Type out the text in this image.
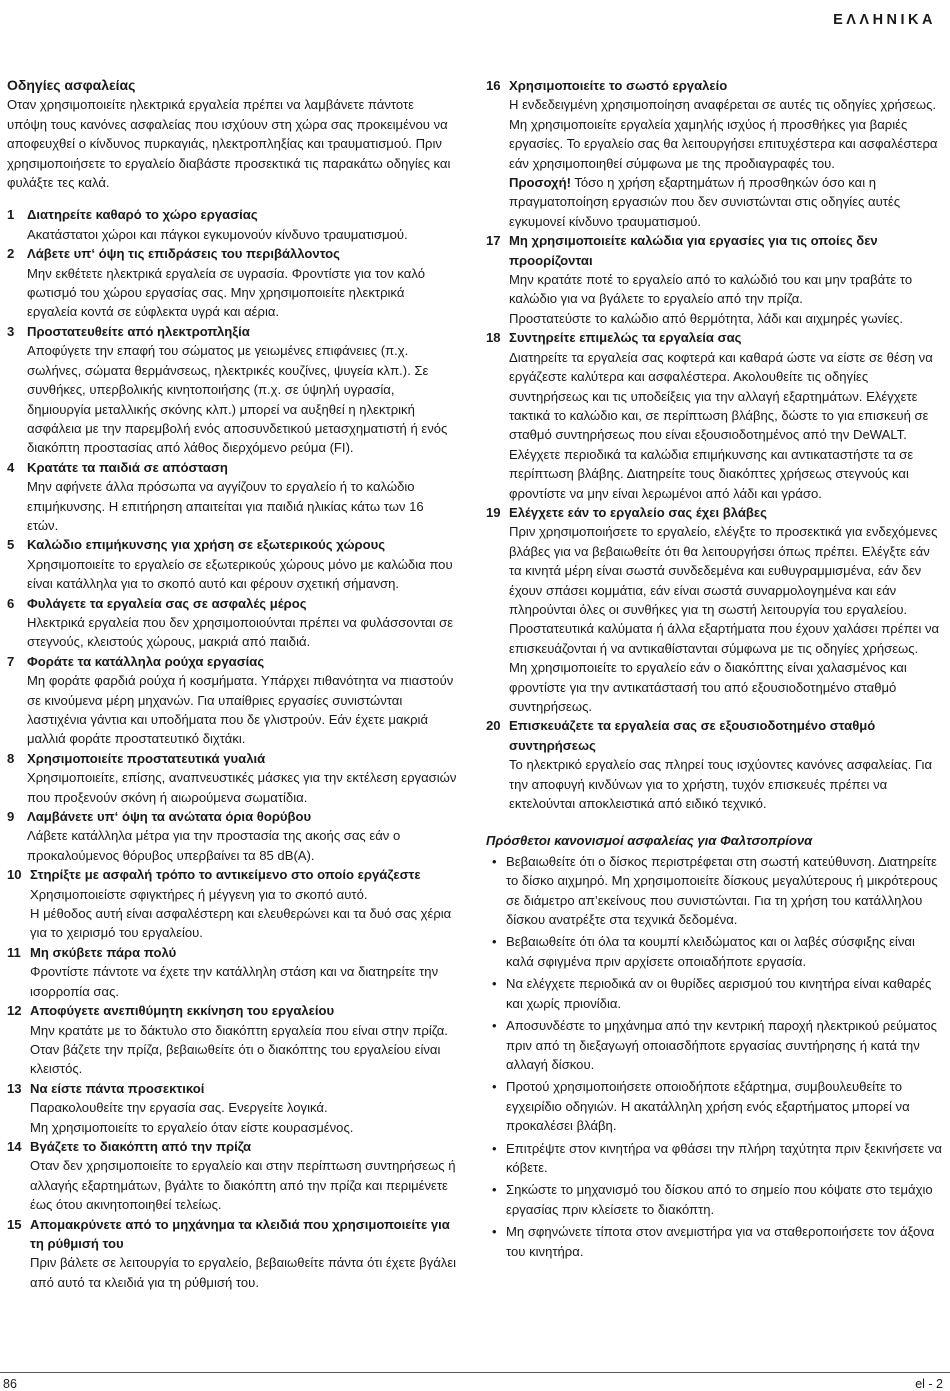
ΕΛΛΗΝΙΚΑ
Οδηγίες ασφαλείας

Οταν χρησιμοποιείτε ηλεκτρικά εργαλεία πρέπει να λαμβάνετε πάντοτε υπόψη τους κανόνες ασφαλείας που ισχύουν στη χώρα σας προκειμένου να αποφευχθεί ο κίνδυνος πυρκαγιάς, ηλεκτροπληξίας και τραυματισμού. Πριν χρησιμοποιήσετε το εργαλείο διαβάστε προσεκτικά τις παρακάτω οδηγίες και φυλάξτε τες καλά.

1 Διατηρείτε καθαρό το χώρο εργασίας

Ακατάστατοι χώροι και πάγκοι εγκυμονούν κίνδυνο τραυματισμού.

2 Λάβετε υπ‘ όψη τις επιδράσεις του περιβάλλοντος

Μην εκθέτετε ηλεκτρικά εργαλεία σε υγρασία. Φροντίστε για τον καλό φωτισμό του χώρου εργασίας σας. Μην χρησιμοποιείτε ηλεκτρικά εργαλεία κοντά σε εύφλεκτα υγρά και αέρια.

3 Προστατευθείτε από ηλεκτροπληξία

Αποφύγετε την επαφή του σώματος με γειωμένες επιφάνειες (π.χ. σωλήνες, σώματα θερμάνσεως, ηλεκτρικές κουζίνες, ψυγεία κλπ.). Σε συνθήκες, υπερβολικής κινητοποιήσης (π.χ. σε ύψηλή υγρασία, δημιουργία μεταλλικής σκόνης κλπ.) μπορεί να αυξηθεί η ηλεκτρική ασφάλεια με την παρεμβολή ενός αποσυνδετικού μετασχηματιστή ή ενός διακόπτη προστασίας από λάθος διερχόμενο ρεύμα (FI).

4 Κρατάτε τα παιδιά σε απόσταση

Μην αφήνετε άλλα πρόσωπα να αγγίζουν το εργαλείο ή το καλώδιο επιμήκυνσης. Η επιτήρηση απαιτείται για παιδιά ηλικίας κάτω των 16 ετών.

5 Καλώδιο επιμήκυνσης για χρήση σε εξωτερικούς χώρους

Χρησιμοποιείτε το εργαλείο σε εξωτερικούς χώρους μόνο με καλώδια που είναι κατάλληλα για το σκοπό αυτό και φέρουν σχετική σήμανση.

6 Φυλάγετε τα εργαλεία σας σε ασφαλές μέρος

Ηλεκτρικά εργαλεία που δεν χρησιμοποιούνται πρέπει να φυλάσσονται σε στεγνούς, κλειστούς χώρους, μακριά από παιδιά.

7 Φοράτε τα κατάλληλα ρούχα εργασίας

Μη φοράτε φαρδιά ρούχα ή κοσμήματα. Υπάρχει πιθανότητα να πιαστούν σε κινούμενα μέρη μηχανών. Για υπαίθριες εργασίες συνιστώνται λαστιχένια γάντια και υποδήματα που δε γλιστρούν. Εάν έχετε μακριά μαλλιά φοράτε προστατευτικό διχτάκι.

8 Χρησιμοποιείτε προστατευτικά γυαλιά

Χρησιμοποιείτε, επίσης, αναπνευστικές μάσκες για την εκτέλεση εργασιών που προξενούν σκόνη ή αιωρούμενα σωματίδια.

9 Λαμβάνετε υπ‘ όψη τα ανώτατα όρια θορύβου

Λάβετε κατάλληλα μέτρα για την προστασία της ακοής σας εάν ο προκαλούμενος θόρυβος υπερβαίνει τα 85 dB(A).

10 Στηρίξτε με ασφαλή τρόπο το αντικείμενο στο οποίο εργάζεστε

Χρησιμοποιείστε σφιγκτήρες ή μέγγενη για το σκοπό αυτό.

Η μέθοδος αυτή είναι ασφαλέστερη και ελευθερώνει και τα δυό σας χέρια για το χειρισμό του εργαλείου.

11 Μη σκύβετε πάρα πολύ

Φροντίστε πάντοτε να έχετε την κατάλληλη στάση και να διατηρείτε την ισορροπία σας.

12 Αποφύγετε ανεπιθύμητη εκκίνηση του εργαλείου

Μην κρατάτε με το δάκτυλο στο διακόπτη εργαλεία που είναι στην πρίζα. Οταν βάζετε την πρίζα, βεβαιωθείτε ότι ο διακόπτης του εργαλείου είναι κλειστός.

13 Να είστε πάντα προσεκτικοί

Παρακολουθείτε την εργασία σας. Ενεργείτε λογικά.

Μη χρησιμοποιείτε το εργαλείο όταν είστε κουρασμένος.

14 Βγάζετε το διακόπτη από την πρίζα

Οταν δεν χρησιμοποιείτε το εργαλείο και στην περίπτωση συντηρήσεως ή αλλαγής εξαρτημάτων, βγάλτε το διακόπτη από την πρίζα και περιμένετε έως ότου ακινητοποιηθεί τελείως.

15 Απομακρύνετε από το μηχάνημα τα κλειδιά που χρησιμοποιείτε για τη ρύθμισή του

Πριν βάλετε σε λειτουργία το εργαλείο, βεβαιωθείτε πάντα ότι έχετε βγάλει από αυτό τα κλειδιά για τη ρύθμισή του.

16 Χρησιμοποιείτε το σωστό εργαλείο

Η ενδεδειγμένη χρησιμοποίηση αναφέρεται σε αυτές τις οδηγίες χρήσεως. Μη χρησιμοποιείτε εργαλεία χαμηλής ισχύος ή προσθήκες για βαριές εργασίες. Το εργαλείο σας θα λειτουργήσει επιτυχέστερα και ασφαλέστερα εάν χρησιμοποιηθεί σύμφωνα με της προδιαγραφές του.

Προσοχή! Τόσο η χρήση εξαρτημάτων ή προσθηκών όσο και η πραγματοποίηση εργασιών που δεν συνιστώνται στις οδηγίες αυτές εγκυμονεί κίνδυνο τραυματισμού.

17 Μη χρησιμοποιείτε καλώδια για εργασίες για τις οποίες δεν προορίζονται

Μην κρατάτε ποτέ το εργαλείο από το καλώδιό του και μην τραβάτε το καλώδιο για να βγάλετε το εργαλείο από την πρίζα.

Προστατεύστε το καλώδιο από θερμότητα, λάδι και αιχμηρές γωνίες.

18 Συντηρείτε επιμελώς τα εργαλεία σας

Διατηρείτε τα εργαλεία σας κοφτερά και καθαρά ώστε να είστε σε θέση να εργάζεστε καλύτερα και ασφαλέστερα. Ακολουθείτε τις οδηγίες συντηρήσεως και τις υποδείξεις για την αλλαγή εξαρτημάτων. Ελέγχετε τακτικά το καλώδιο και, σε περίπτωση βλάβης, δώστε το για επισκευή σε σταθμό συντηρήσεως που είναι εξουσιοδοτημένος από την DeWALT. Ελέγχετε περιοδικά τα καλώδια επιμήκυνσης και αντικαταστήστε τα σε περίπτωση βλάβης. Διατηρείτε τους διακόπτες χρήσεως στεγνούς και φροντίστε να μην είναι λερωμένοι από λάδι και γράσο.

19 Ελέγχετε εάν το εργαλείο σας έχει βλάβες

Πριν χρησιμοποιήσετε το εργαλείο, ελέγξτε το προσεκτικά για ενδεχόμενες βλάβες για να βεβαιωθείτε ότι θα λειτουργήσει όπως πρέπει. Ελέγξτε εάν τα κινητά μέρη είναι σωστά συνδεδεμένα και ευθυγραμμισμένα, εάν δεν έχουν σπάσει κομμάτια, εάν είναι σωστά συναρμολογημένα και εάν πληρούνται όλες οι συνθήκες για τη σωστή λειτουργία του εργαλείου. Προστατευτικά καλύματα ή άλλα εξαρτήματα που έχουν χαλάσει πρέπει να επισκευάζονται ή να αντικαθίστανται σύμφωνα με τις οδηγίες χρήσεως.

Μη χρησιμοποιείτε το εργαλείο εάν ο διακόπτης είναι χαλασμένος και φροντίστε για την αντικατάστασή του από εξουσιοδοτημένο σταθμό συντηρήσεως.

20 Επισκευάζετε τα εργαλεία σας σε εξουσιοδοτημένο σταθμό συντηρήσεως

Το ηλεκτρικό εργαλείο σας πληρεί τους ισχύοντες κανόνες ασφαλείας. Για την αποφυγή κινδύνων για το χρήστη, τυχόν επισκευές πρέπει να εκτελούνται αποκλειστικά από ειδικό τεχνικό.

Πρόσθετοι κανονισμοί ασφαλείας για Φαλτσοπρίονα
• Βεβαιωθείτε ότι ο δίσκος περιστρέφεται στη σωστή κατεύθυνση. Διατηρείτε το δίσκο αιχμηρό. Μη χρησιμοποιείτε δίσκους μεγαλύτερους ή μικρότερους σε διάμετρο απ’εκείνους που συνιστώνται. Για τη χρήση του κατάλληλου δίσκου ανατρέξτε στα τεχνικά δεδομένα.
• Βεβαιωθείτε ότι όλα τα κουμπί κλειδώματος και οι λαβές σύσφιξης είναι καλά σφιγμένα πριν αρχίσετε οποιαδήποτε εργασία.
• Να ελέγχετε περιοδικά αν οι θυρίδες αερισμού του κινητήρα είναι καθαρές και χωρίς πριονίδια.
• Αποσυνδέστε το μηχάνημα από την κεντρική παροχή ηλεκτρικού ρεύματος πριν από τη διεξαγωγή οποιασδήποτε εργασίας συντήρησης ή κατά την αλλαγή δίσκου.
• Προτού χρησιμοποιήσετε οποιοδήποτε εξάρτημα, συμβουλευθείτε το εγχειρίδιο οδηγιών. Η ακατάλληλη χρήση ενός εξαρτήματος μπορεί να προκαλέσει βλάβη.
• Επιτρέψτε στον κινητήρα να φθάσει την πλήρη ταχύτητα πριν ξεκινήσετε να κόβετε.
• Σηκώστε το μηχανισμό του δίσκου από το σημείο που κόψατε στο τεμάχιο εργασίας πριν κλείσετε το διακόπτη.
• Μη σφηνώνετε τίποτα στον ανεμιστήρα για να σταθεροποιήσετε τον άξονα του κινητήρα.
86	el - 2
